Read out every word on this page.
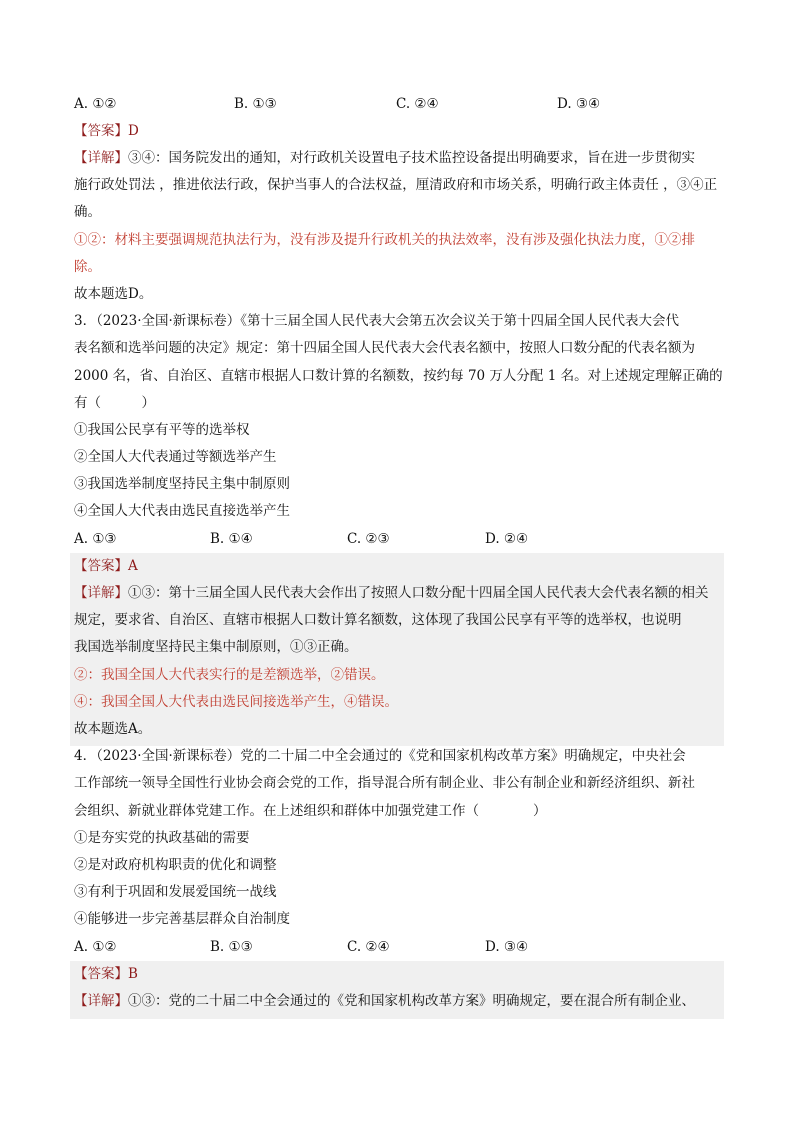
A. ①②	B. ①③	C. ②④	D. ③④
【答案】D
【详解】③④：国务院发出的通知，对行政机关设置电子技术监控设备提出明确要求，旨在进一步贯彻实
施行政处罚法 ，推进依法行政，保护当事人的合法权益，厘清政府和市场关系，明确行政主体责任 ，③④正
确。
①②：材料主要强调规范执法行为，没有涉及提升行政机关的执法效率，没有涉及强化执法力度，①②排
除。
故本题选D。
3．（2023·全国·新课标卷）《第十三届全国人民代表大会第五次会议关于第十四届全国人民代表大会代
表名额和选举问题的决定》规定：第十四届全国人民代表大会代表名额中，按照人口数分配的代表名额为
2000 名，省、自治区、直辖市根据人口数计算的名额数，按约每 70 万人分配 1 名。对上述规定理解正确的
有（　　　）
①我国公民享有平等的选举权
②全国人大代表通过等额选举产生
③我国选举制度坚持民主集中制原则
④全国人大代表由选民直接选举产生
A. ①③	B. ①④	C. ②③	D. ②④
【答案】A
【详解】①③：第十三届全国人民代表大会作出了按照人口数分配十四届全国人民代表大会代表名额的相关
规定，要求省、自治区、直辖市根据人口数计算名额数，这体现了我国公民享有平等的选举权，也说明
我国选举制度坚持民主集中制原则，①③正确。
②：我国全国人大代表实行的是差额选举，②错误。
④：我国全国人大代表由选民间接选举产生，④错误。
故本题选A。
4．（2023·全国·新课标卷）党的二十届二中全会通过的《党和国家机构改革方案》明确规定，中央社会
工作部统一领导全国性行业协会商会党的工作，指导混合所有制企业、非公有制企业和新经济组织、新社
会组织、新就业群体党建工作。在上述组织和群体中加强党建工作（　　　　）
①是夯实党的执政基础的需要
②是对政府机构职责的优化和调整
③有利于巩固和发展爱国统一战线
④能够进一步完善基层群众自治制度
A. ①②	B. ①③	C. ②④	D. ③④
【答案】B
【详解】①③：党的二十届二中全会通过的《党和国家机构改革方案》明确规定，要在混合所有制企业、
